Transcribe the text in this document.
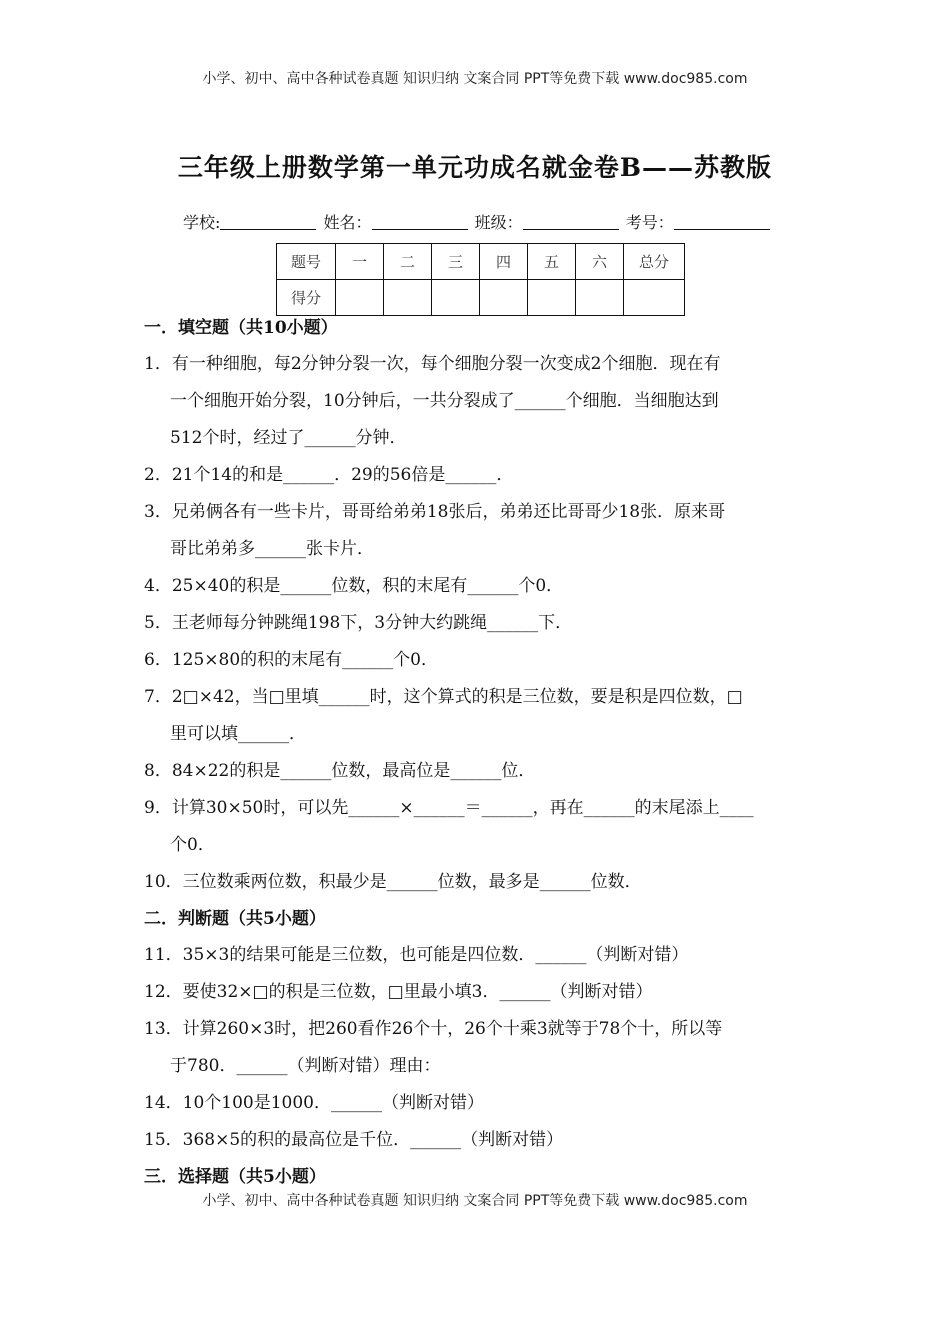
小学、初中、高中各种试卷真题 知识归纳 文案合同 PPT等免费下载 www.doc985.com
三年级上册数学第一单元功成名就金卷B——苏教版
学校:	姓名：	班级：	考号：
题号	一	二	三	四	五	六	总分
得分							
一．填空题（共10小题）
1．有一种细胞，每2分钟分裂一次，每个细胞分裂一次变成2个细胞．现在有
一个细胞开始分裂，10分钟后，一共分裂成了______个细胞．当细胞达到
512个时，经过了______分钟．
2．21个14的和是______．29的56倍是______．
3．兄弟俩各有一些卡片，哥哥给弟弟18张后，弟弟还比哥哥少18张．原来哥
哥比弟弟多______张卡片．
4．25×40的积是______位数，积的末尾有______个0．
5．王老师每分钟跳绳198下，3分钟大约跳绳______下．
6．125×80的积的末尾有______个0．
7．2□×42，当□里填______时，这个算式的积是三位数，要是积是四位数，□
里可以填______．
8．84×22的积是______位数，最高位是______位．
9．计算30×50时，可以先______×______＝______，再在______的末尾添上____
个0．
10．三位数乘两位数，积最少是______位数，最多是______位数．
二．判断题（共5小题）
11．35×3的结果可能是三位数，也可能是四位数．______（判断对错）
12．要使32×□的积是三位数，□里最小填3．______（判断对错）
13．计算260×3时，把260看作26个十，26个十乘3就等于78个十，所以等
于780．______（判断对错）理由：
14．10个100是1000．______（判断对错）
15．368×5的积的最高位是千位．______（判断对错）
三．选择题（共5小题）
小学、初中、高中各种试卷真题 知识归纳 文案合同 PPT等免费下载 www.doc985.com
